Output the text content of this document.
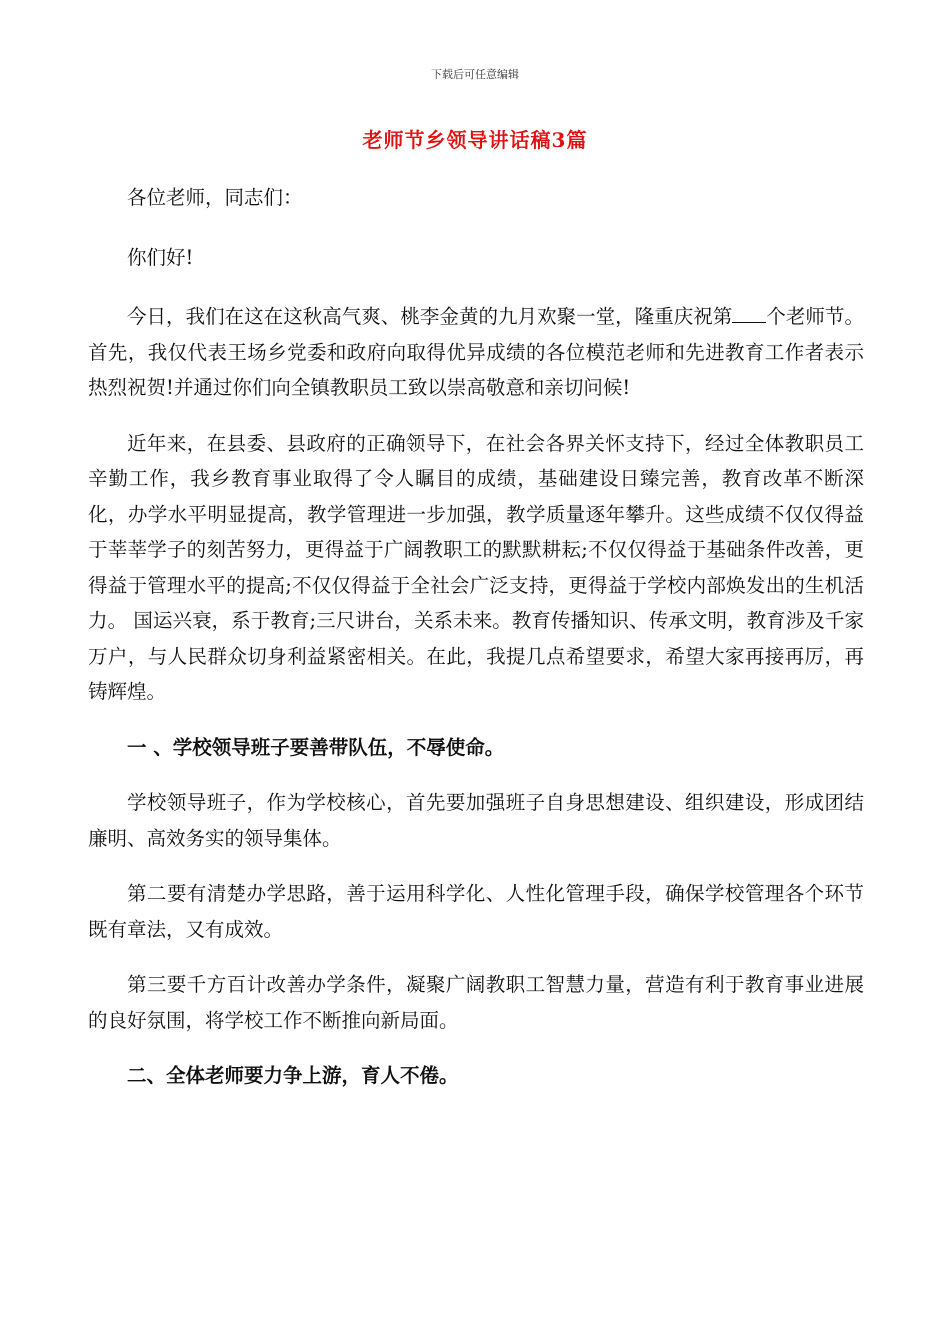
下载后可任意编辑
老师节乡领导讲话稿3篇

各位老师，同志们：

你们好!

今日，我们在这在这秋高气爽、桃李金黄的九月欢聚一堂，隆重庆祝第 个老师节。首先，我仅代表王场乡党委和政府向取得优异成绩的各位模范老师和先进教育工作者表示热烈祝贺!并通过你们向全镇教职员工致以崇高敬意和亲切问候!

近年来，在县委、县政府的正确领导下，在社会各界关怀支持下，经过全体教职员工辛勤工作，我乡教育事业取得了令人瞩目的成绩，基础建设日臻完善，教育改革不断深化，办学水平明显提高，教学管理进一步加强，教学质量逐年攀升。这些成绩不仅仅得益于莘莘学子的刻苦努力，更得益于广阔教职工的默默耕耘;不仅仅得益于基础条件改善，更得益于管理水平的提高;不仅仅得益于全社会广泛支持，更得益于学校内部焕发出的生机活力。 国运兴衰，系于教育;三尺讲台，关系未来。教育传播知识、传承文明，教育涉及千家万户，与人民群众切身利益紧密相关。在此，我提几点希望要求，希望大家再接再厉，再铸辉煌。

一 、学校领导班子要善带队伍，不辱使命。

学校领导班子，作为学校核心，首先要加强班子自身思想建设、组织建设，形成团结廉明、高效务实的领导集体。

第二要有清楚办学思路，善于运用科学化、人性化管理手段，确保学校管理各个环节既有章法，又有成效。

第三要千方百计改善办学条件，凝聚广阔教职工智慧力量，营造有利于教育事业进展的良好氛围，将学校工作不断推向新局面。

二、全体老师要力争上游，育人不倦。
